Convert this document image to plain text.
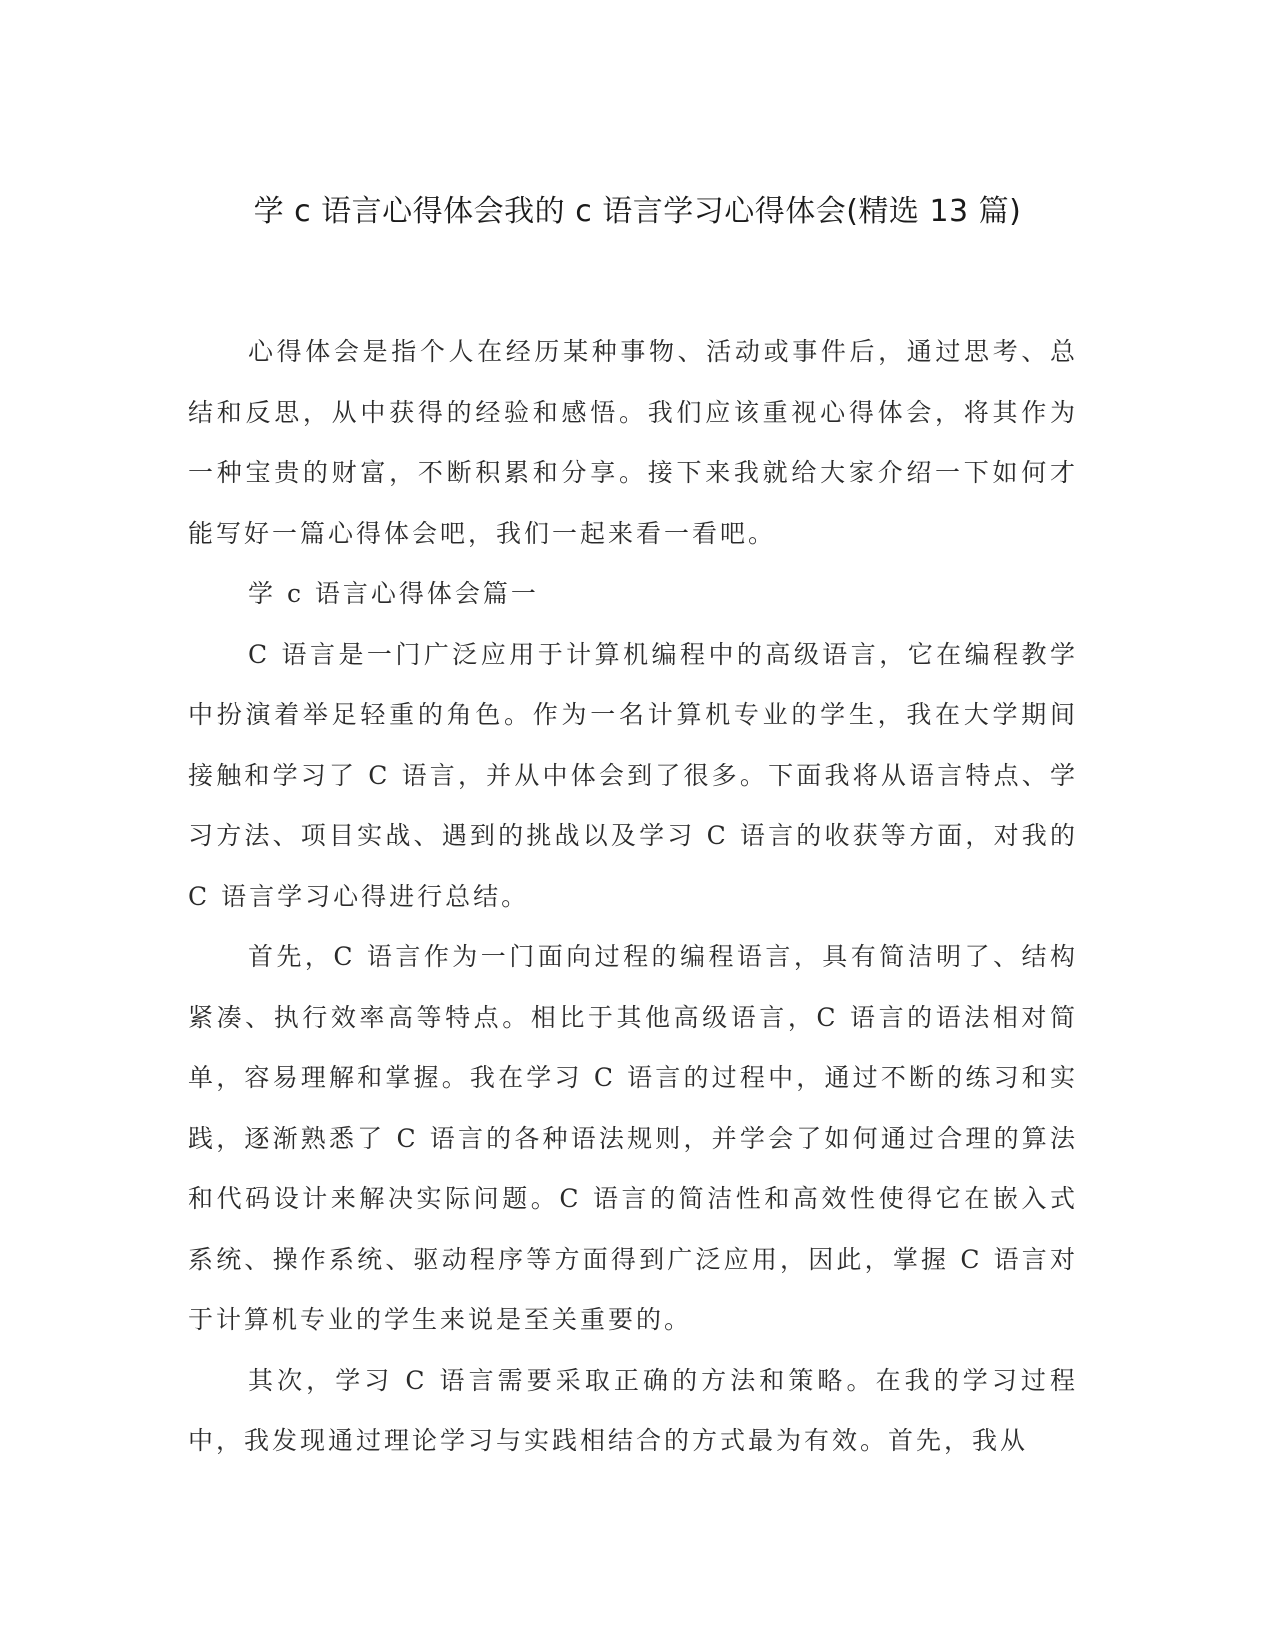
学 c 语言心得体会我的 c 语言学习心得体会(精选 13 篇)

心得体会是指个人在经历某种事物、活动或事件后，通过思考、总结和反思，从中获得的经验和感悟。我们应该重视心得体会，将其作为一种宝贵的财富，不断积累和分享。接下来我就给大家介绍一下如何才能写好一篇心得体会吧，我们一起来看一看吧。

学 c 语言心得体会篇一

C 语言是一门广泛应用于计算机编程中的高级语言，它在编程教学中扮演着举足轻重的角色。作为一名计算机专业的学生，我在大学期间接触和学习了 C 语言，并从中体会到了很多。下面我将从语言特点、学习方法、项目实战、遇到的挑战以及学习 C 语言的收获等方面，对我的 C 语言学习心得进行总结。

首先，C 语言作为一门面向过程的编程语言，具有简洁明了、结构紧凑、执行效率高等特点。相比于其他高级语言，C 语言的语法相对简单，容易理解和掌握。我在学习 C 语言的过程中，通过不断的练习和实践，逐渐熟悉了 C 语言的各种语法规则，并学会了如何通过合理的算法和代码设计来解决实际问题。C 语言的简洁性和高效性使得它在嵌入式系统、操作系统、驱动程序等方面得到广泛应用，因此，掌握 C 语言对于计算机专业的学生来说是至关重要的。

其次，学习 C 语言需要采取正确的方法和策略。在我的学习过程中，我发现通过理论学习与实践相结合的方式最为有效。首先，我从
